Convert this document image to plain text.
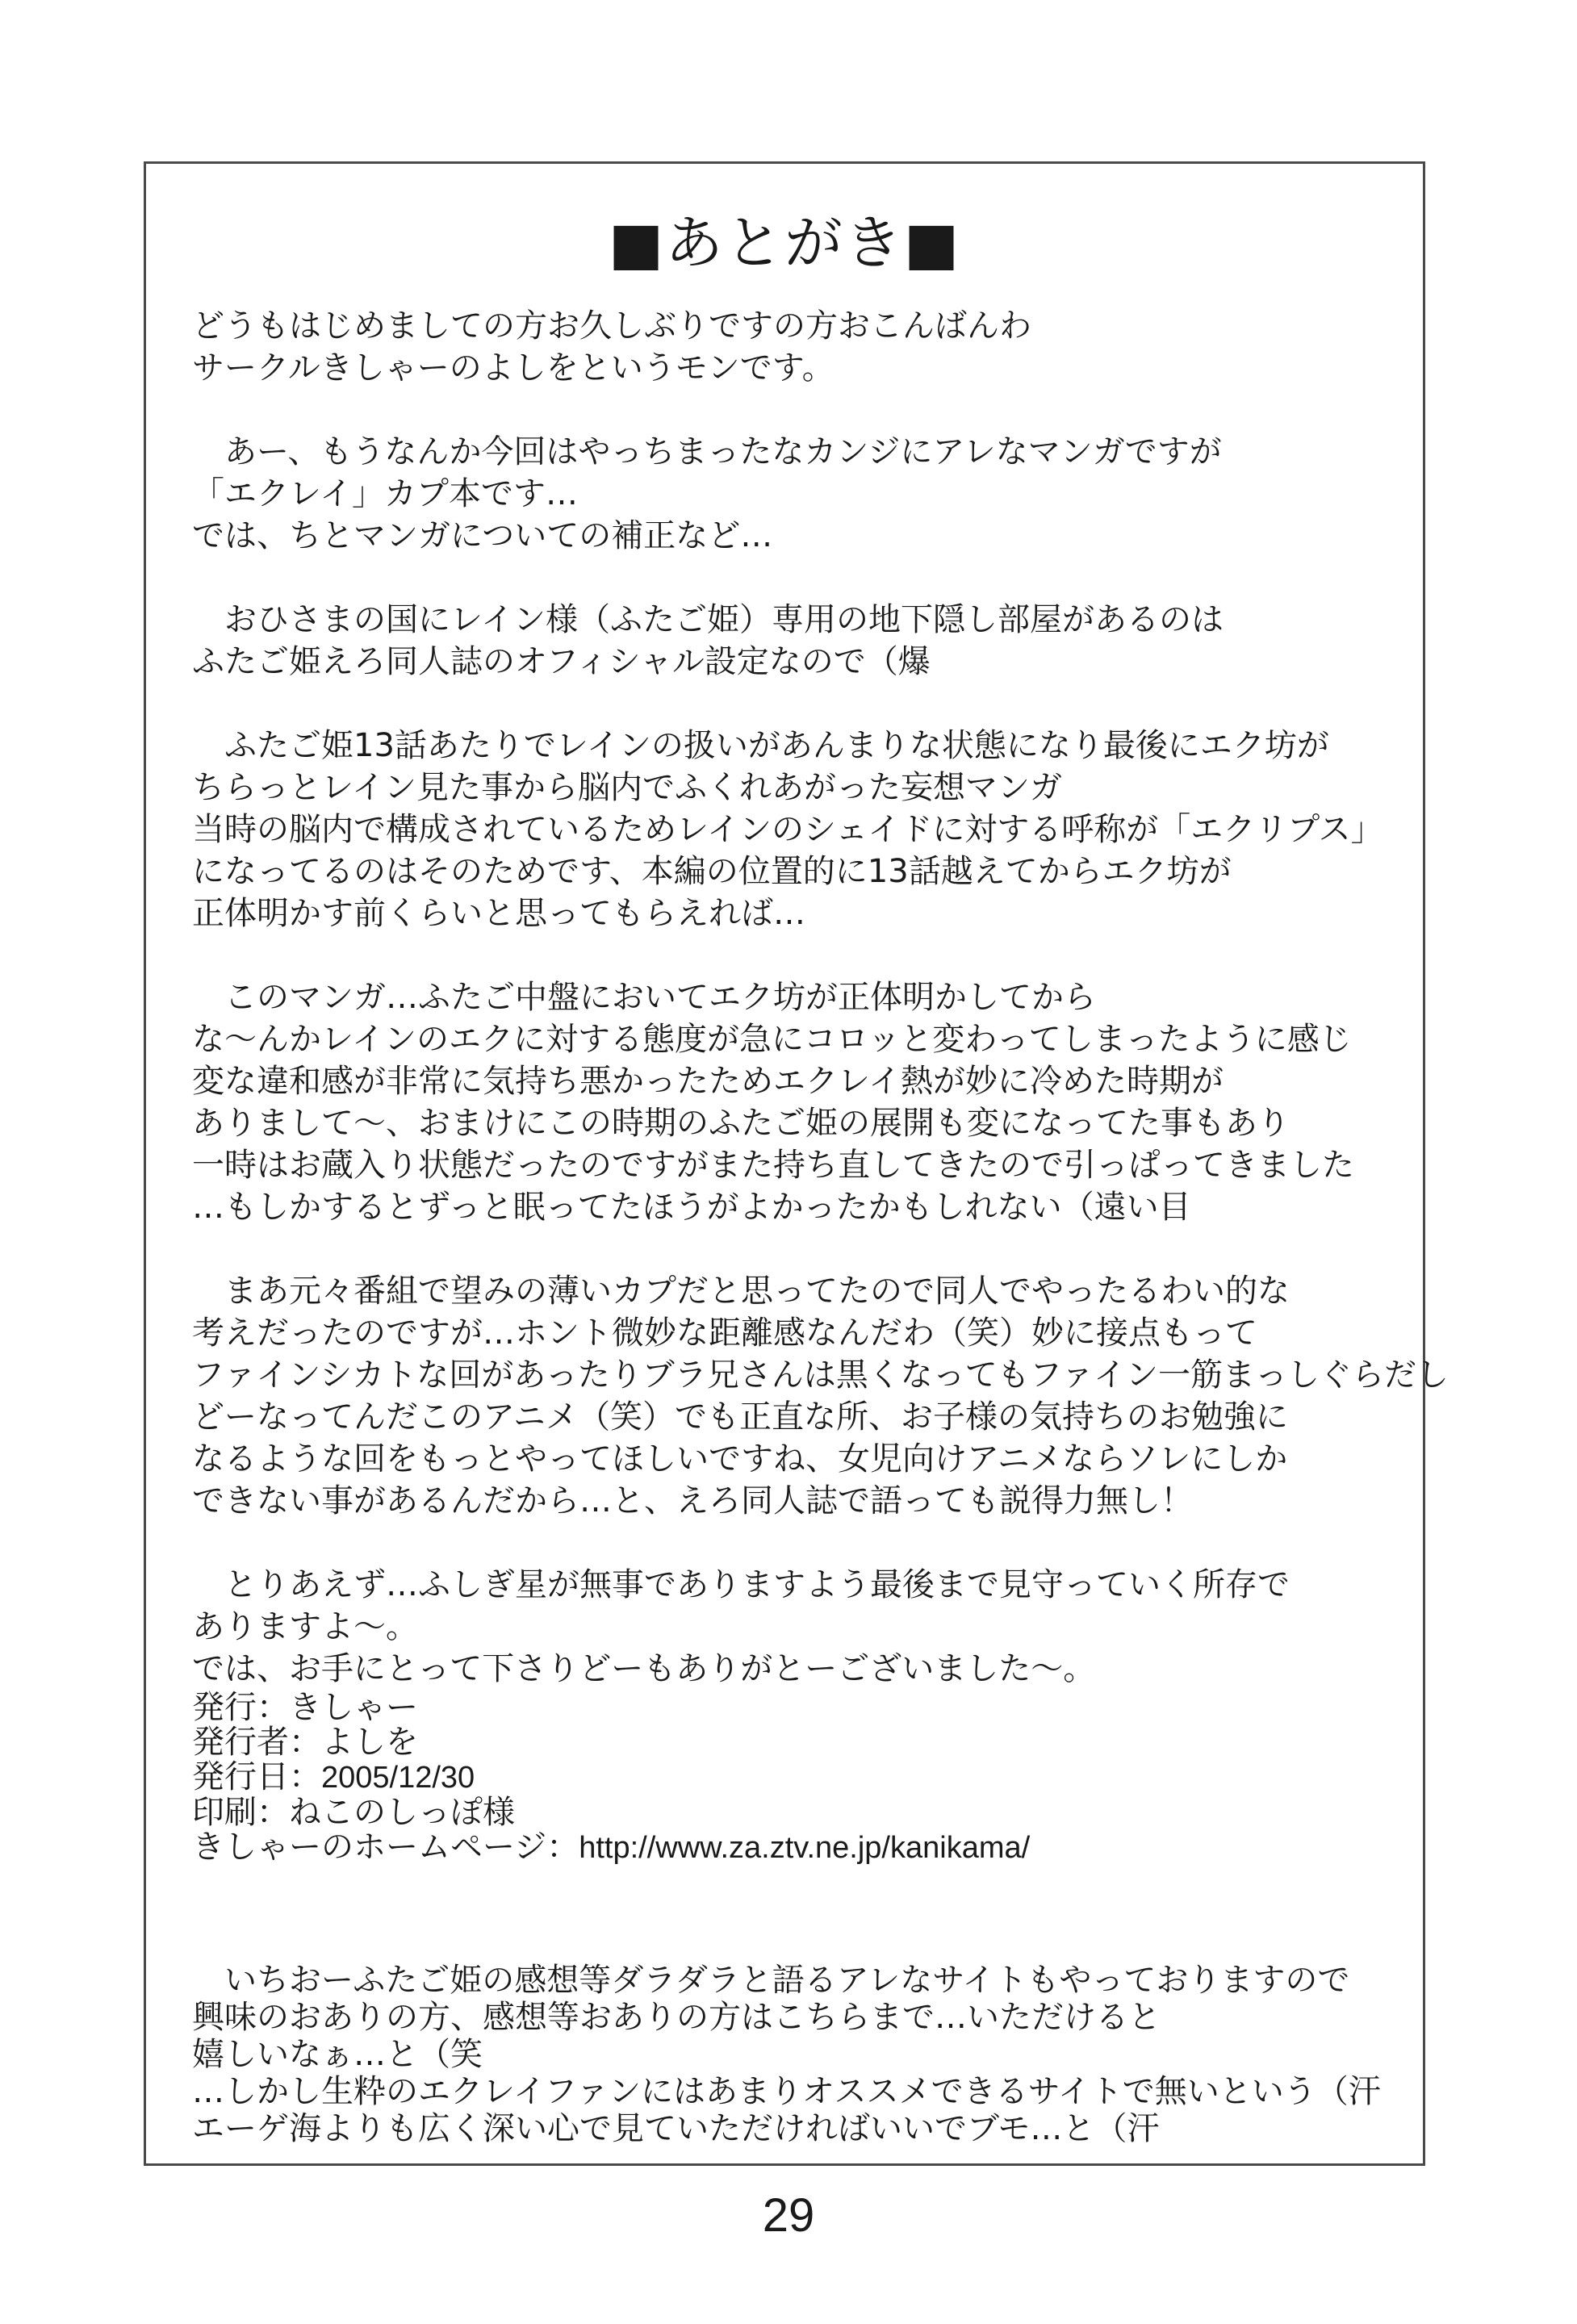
■あとがき■

どうもはじめましての方お久しぶりですの方おこんばんわ
サークルきしゃーのよしをというモンです。

　あー、もうなんか今回はやっちまったなカンジにアレなマンガですが
「エクレイ」カプ本です…
では、ちとマンガについての補正など…

　おひさまの国にレイン様（ふたご姫）専用の地下隠し部屋があるのは
ふたご姫えろ同人誌のオフィシャル設定なので（爆

　ふたご姫13話あたりでレインの扱いがあんまりな状態になり最後にエク坊が
ちらっとレイン見た事から脳内でふくれあがった妄想マンガ
当時の脳内で構成されているためレインのシェイドに対する呼称が「エクリプス」
になってるのはそのためです、本編の位置的に13話越えてからエク坊が
正体明かす前くらいと思ってもらえれば…

　このマンガ…ふたご中盤においてエク坊が正体明かしてから
な～んかレインのエクに対する態度が急にコロッと変わってしまったように感じ
変な違和感が非常に気持ち悪かったためエクレイ熱が妙に冷めた時期が
ありまして～、おまけにこの時期のふたご姫の展開も変になってた事もあり
一時はお蔵入り状態だったのですがまた持ち直してきたので引っぱってきました
…もしかするとずっと眠ってたほうがよかったかもしれない（遠い目

　まあ元々番組で望みの薄いカプだと思ってたので同人でやったるわい的な
考えだったのですが…ホント微妙な距離感なんだわ（笑）妙に接点もって
ファインシカトな回があったりブラ兄さんは黒くなってもファイン一筋まっしぐらだし
どーなってんだこのアニメ（笑）でも正直な所、お子様の気持ちのお勉強に
なるような回をもっとやってほしいですね、女児向けアニメならソレにしか
できない事があるんだから…と、えろ同人誌で語っても説得力無し！

　とりあえず…ふしぎ星が無事でありますよう最後まで見守っていく所存で
ありますよ～。
では、お手にとって下さりどーもありがとーございました～。

発行：きしゃー
発行者：よしを
発行日：2005/12/30
印刷：ねこのしっぽ様
きしゃーのホームページ：http://www.za.ztv.ne.jp/kanikama/
　いちおーふたご姫の感想等ダラダラと語るアレなサイトもやっておりますので
興味のおありの方、感想等おありの方はこちらまで…いただけると
嬉しいなぁ…と（笑
…しかし生粋のエクレイファンにはあまりオススメできるサイトで無いという（汗
エーゲ海よりも広く深い心で見ていただければいいでブモ…と（汗
29
